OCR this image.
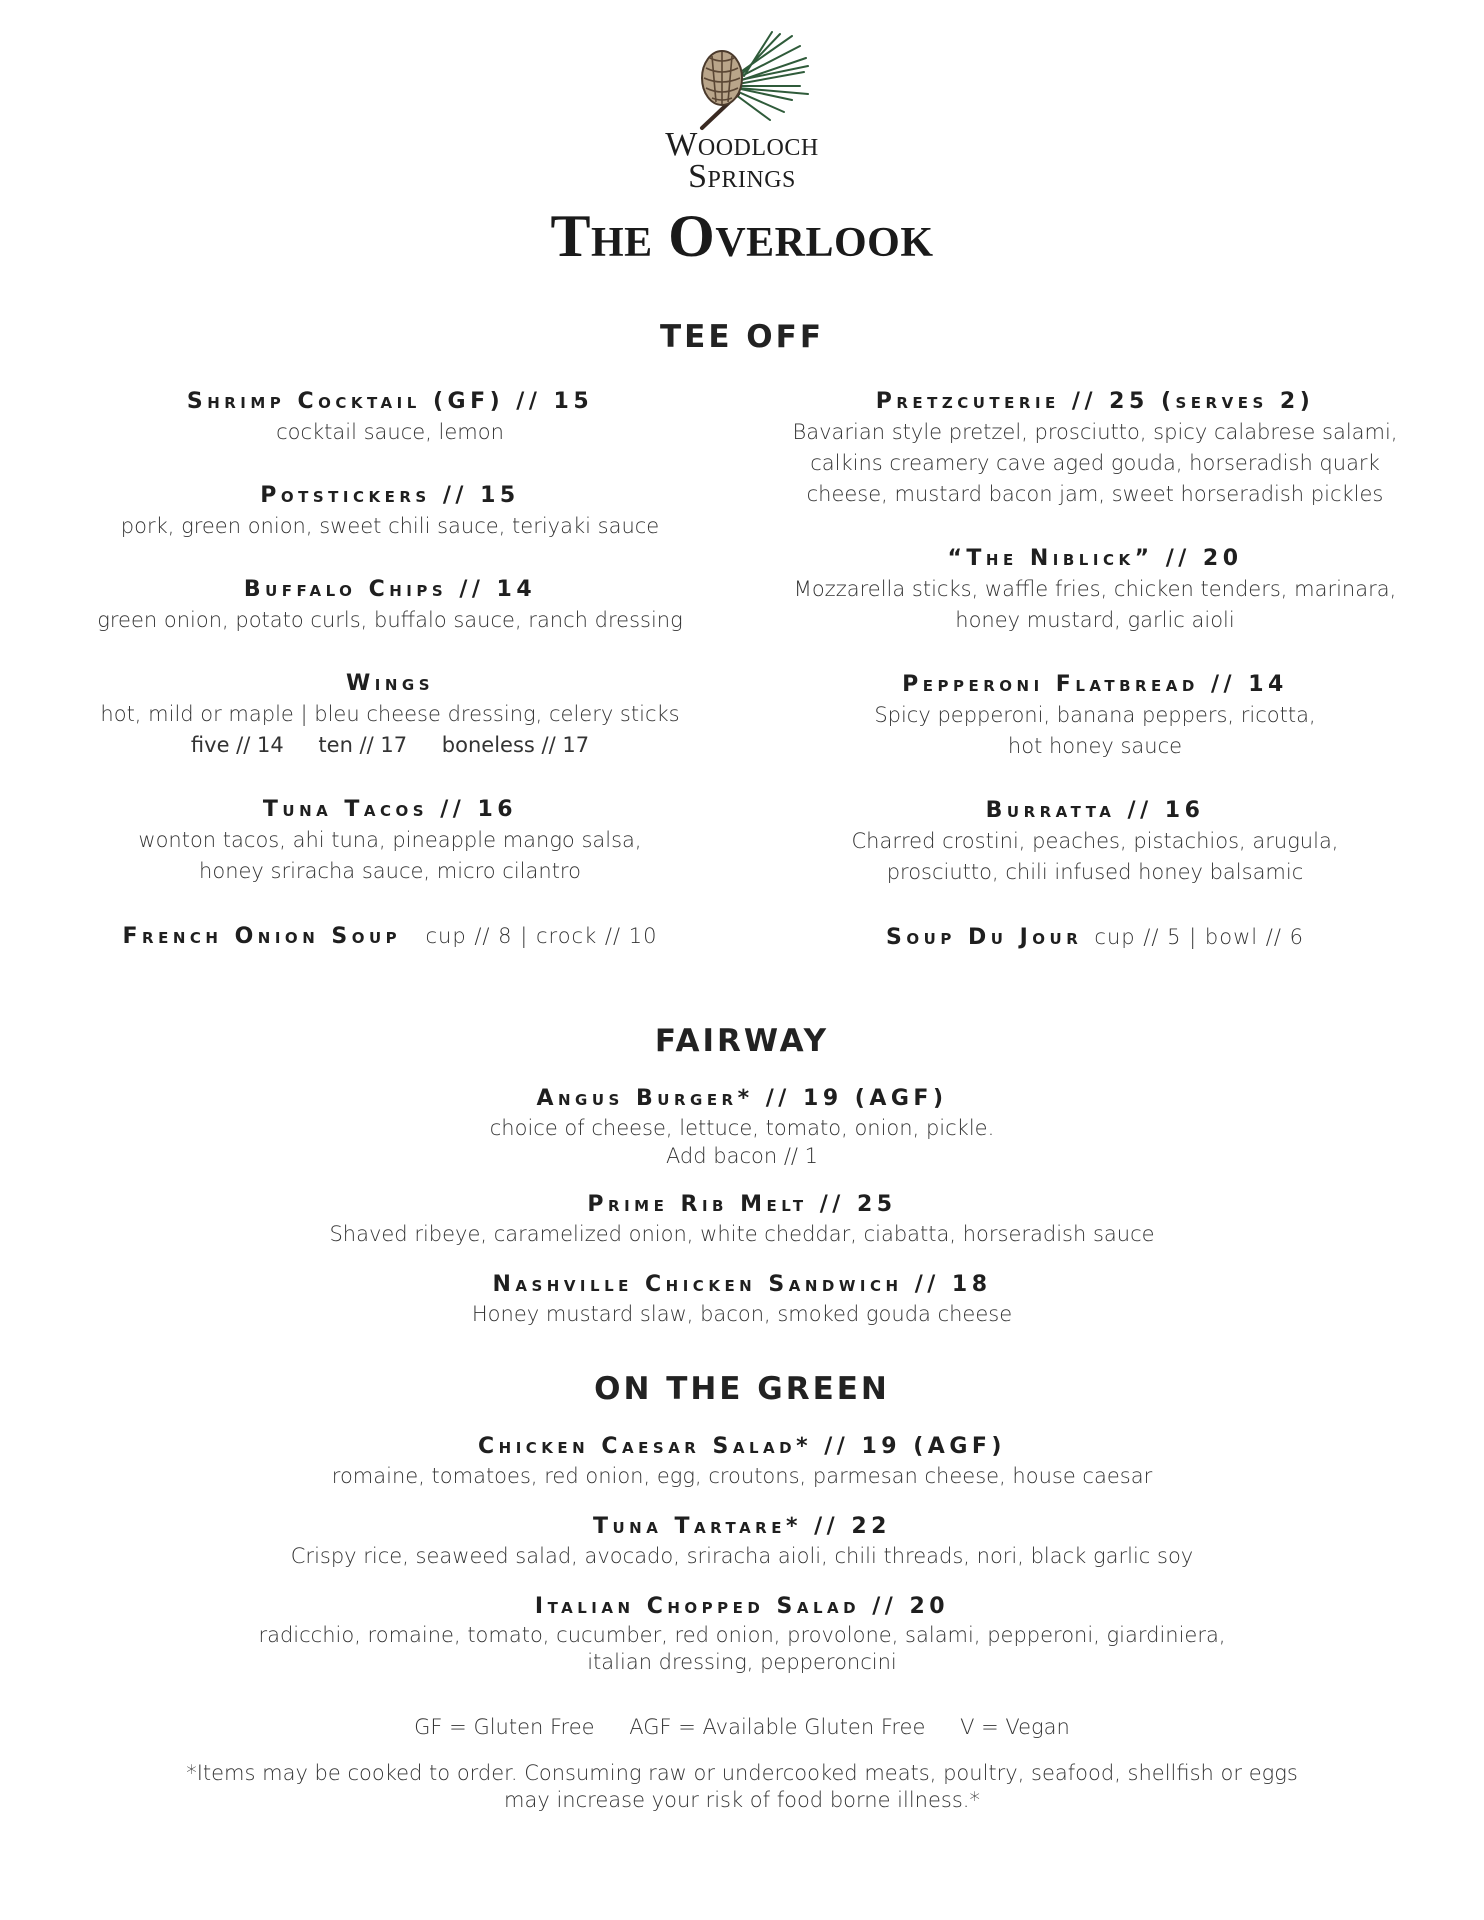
Woodloch
Springs
The Overlook
TEE OFF
Shrimp Cocktail (GF) // 15
cocktail sauce, lemon
Potstickers // 15
pork, green onion, sweet chili sauce, teriyaki sauce
Buffalo Chips // 14
green onion, potato curls, buffalo sauce, ranch dressing
Wings
hot, mild or maple | bleu cheese dressing, celery sticks
five // 14 ten // 17 boneless // 17
Tuna Tacos // 16
wonton tacos, ahi tuna, pineapple mango salsa,
honey sriracha sauce, micro cilantro
French Onion Soup cup // 8 | crock // 10
Pretzcuterie // 25 (serves 2)
Bavarian style pretzel, prosciutto, spicy calabrese salami,
calkins creamery cave aged gouda, horseradish quark
cheese, mustard bacon jam, sweet horseradish pickles
“The Niblick” // 20
Mozzarella sticks, waffle fries, chicken tenders, marinara,
honey mustard, garlic aioli
Pepperoni Flatbread // 14
Spicy pepperoni, banana peppers, ricotta,
hot honey sauce
Burratta // 16
Charred crostini, peaches, pistachios, arugula,
prosciutto, chili infused honey balsamic
Soup Du Jour cup // 5 | bowl // 6
FAIRWAY
Angus Burger* // 19 (AGF)
choice of cheese, lettuce, tomato, onion, pickle.
Add bacon // 1
Prime Rib Melt // 25
Shaved ribeye, caramelized onion, white cheddar, ciabatta, horseradish sauce
Nashville Chicken Sandwich // 18
Honey mustard slaw, bacon, smoked gouda cheese
ON THE GREEN
Chicken Caesar Salad* // 19 (AGF)
romaine, tomatoes, red onion, egg, croutons, parmesan cheese, house caesar
Tuna Tartare* // 22
Crispy rice, seaweed salad, avocado, sriracha aioli, chili threads, nori, black garlic soy
Italian Chopped Salad // 20
radicchio, romaine, tomato, cucumber, red onion, provolone, salami, pepperoni, giardiniera,
italian dressing, pepperoncini
GF = Gluten Free AGF = Available Gluten Free V = Vegan
*Items may be cooked to order. Consuming raw or undercooked meats, poultry, seafood, shellfish or eggs
may increase your risk of food borne illness.*
